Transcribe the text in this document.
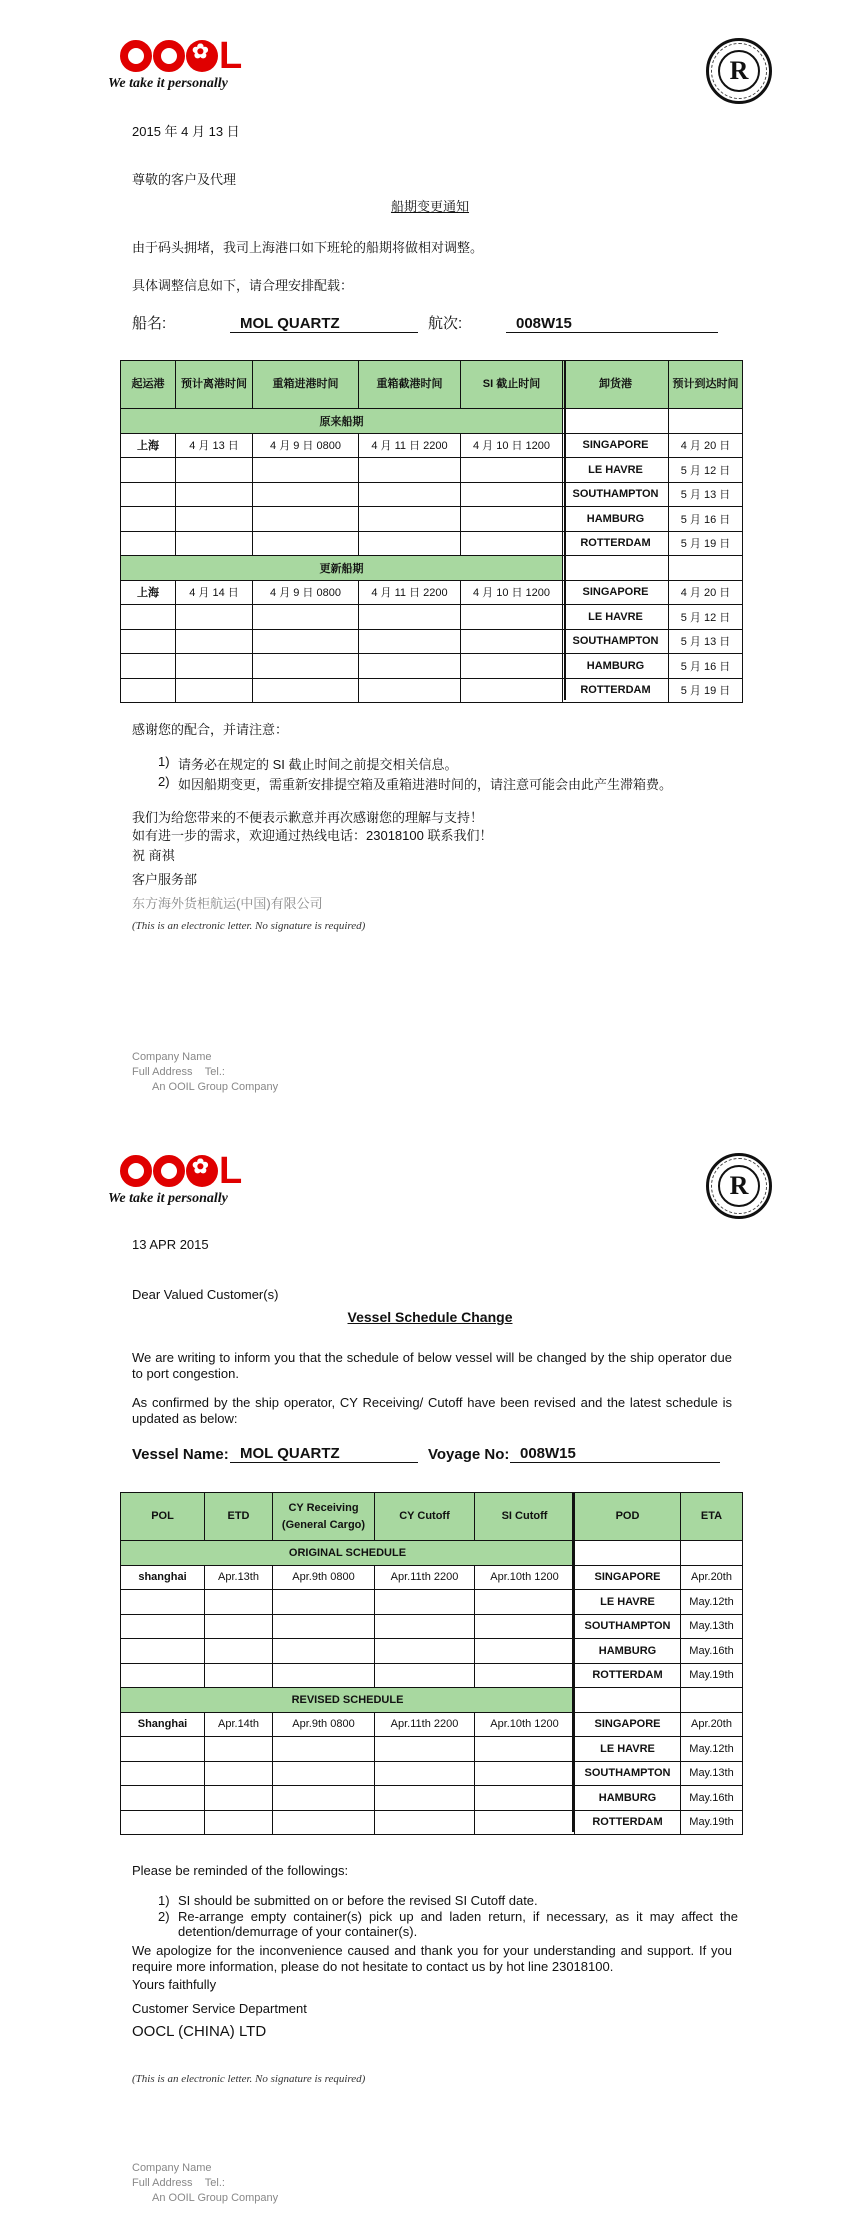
✿
L
We take it personally	R
2015 年 4 月 13 日
尊敬的客户及代理
船期变更通知
由于码头拥堵，我司上海港口如下班轮的船期将做相对调整。
具体调整信息如下，请合理安排配载：
船名:	MOL QUARTZ	航次:	008W15
起运港	预计离港时间	重箱进港时间	重箱截港时间	SI 截止时间	卸货港	预计到达时间
原来船期						
上海	4 月 13 日	4 月 9 日 0800	4 月 11 日 2200	4 月 10 日 1200	SINGAPORE	4 月 20 日
					LE HAVRE	5 月 12 日
					SOUTHAMPTON	5 月 13 日
					HAMBURG	5 月 16 日
					ROTTERDAM	5 月 19 日
更新船期						
上海	4 月 14 日	4 月 9 日 0800	4 月 11 日 2200	4 月 10 日 1200	SINGAPORE	4 月 20 日
					LE HAVRE	5 月 12 日
					SOUTHAMPTON	5 月 13 日
					HAMBURG	5 月 16 日
					ROTTERDAM	5 月 19 日
感谢您的配合，并请注意：
1) 请务必在规定的 SI 截止时间之前提交相关信息。
2) 如因船期变更，需重新安排提空箱及重箱进港时间的，请注意可能会由此产生滞箱费。
我们为给您带来的不便表示歉意并再次感谢您的理解与支持！
如有进一步的需求，欢迎通过热线电话：23018100 联系我们！
祝 商祺
客户服务部
东方海外货柜航运(中国)有限公司
(This is an electronic letter. No signature is required)
Company Name
Full Address Tel.:
An OOIL Group Company
✿
L
We take it personally	R
13 APR 2015
Dear Valued Customer(s)
Vessel Schedule Change
We are writing to inform you that the schedule of below vessel will be changed by the ship operator due to port congestion.
As confirmed by the ship operator, CY Receiving/ Cutoff have been revised and the latest schedule is updated as below:
Vessel Name: MOL QUARTZ	Voyage No: 008W15
POL	ETD	CY Receiving (General Cargo)	CY Cutoff	SI Cutoff	POD	ETA
ORIGINAL SCHEDULE						
shanghai	Apr.13th	Apr.9th 0800	Apr.11th 2200	Apr.10th 1200	SINGAPORE	Apr.20th
					LE HAVRE	May.12th
					SOUTHAMPTON	May.13th
					HAMBURG	May.16th
					ROTTERDAM	May.19th
REVISED SCHEDULE						
Shanghai	Apr.14th	Apr.9th 0800	Apr.11th 2200	Apr.10th 1200	SINGAPORE	Apr.20th
					LE HAVRE	May.12th
					SOUTHAMPTON	May.13th
					HAMBURG	May.16th
					ROTTERDAM	May.19th
Please be reminded of the followings:
1) SI should be submitted on or before the revised SI Cutoff date.
2) Re-arrange empty container(s) pick up and laden return, if necessary, as it may affect the detention/demurrage of your container(s).
We apologize for the inconvenience caused and thank you for your understanding and support. If you require more information, please do not hesitate to contact us by hot line 23018100.
Yours faithfully
Customer Service Department
OOCL (CHINA) LTD
(This is an electronic letter. No signature is required)
Company Name
Full Address Tel.:
An OOIL Group Company
